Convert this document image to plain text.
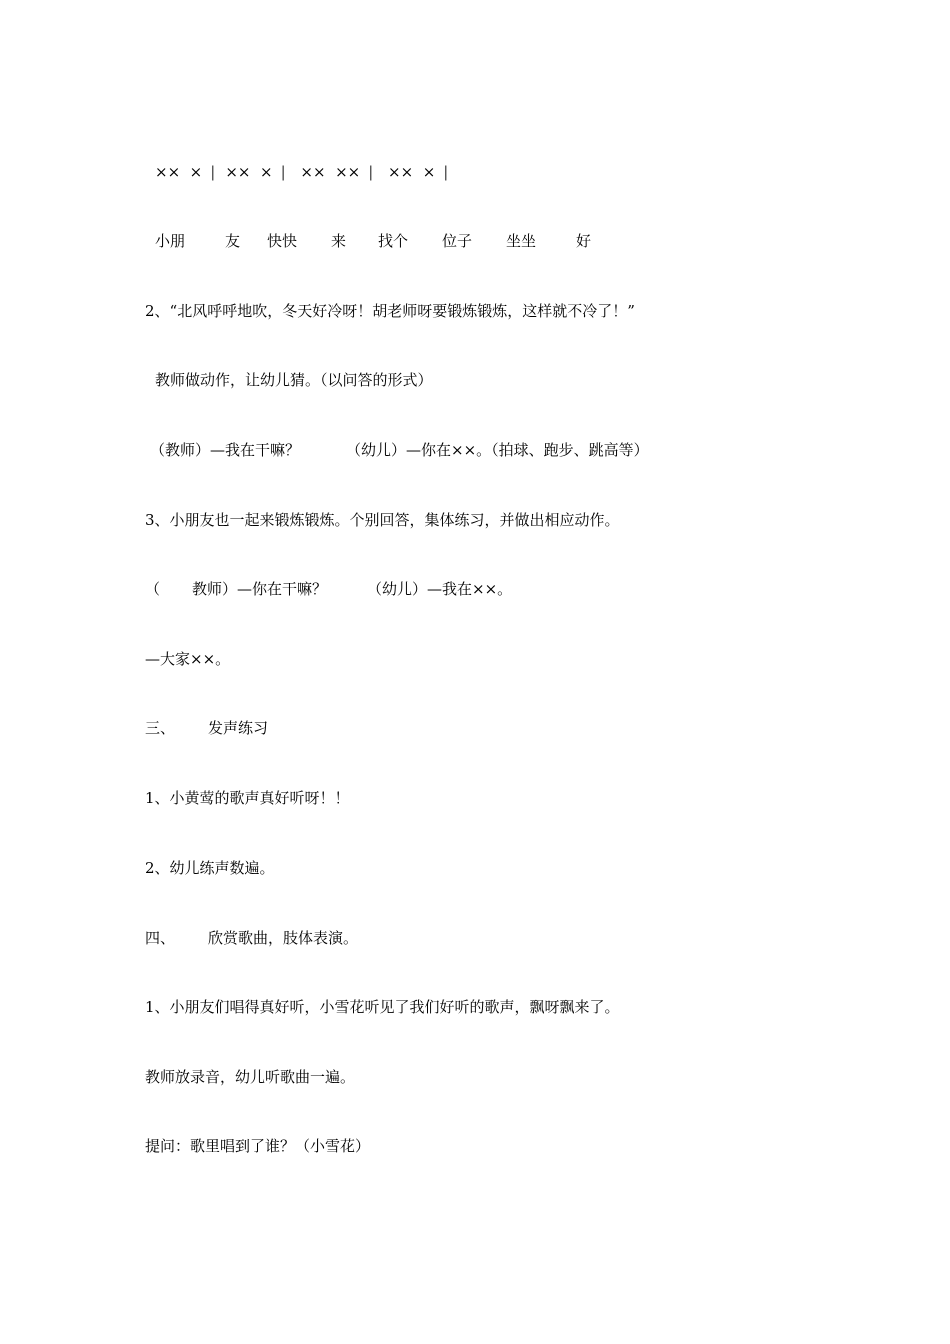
××  × | ××  × | ××  ×× | ××  × |
小朋	友	快快	来	找个	位子	坐坐	好
2、“北风呼呼地吹，冬天好冷呀！胡老师呀要锻炼锻炼，这样就不冷了！”
教师做动作，让幼儿猜。（以问答的形式）
（教师）—我在干嘛？	（幼儿）—你在××。（拍球、跑步、跳高等）
3、小朋友也一起来锻炼锻炼。个别回答，集体练习，并做出相应动作。
（ 教师）—你在干嘛？	（幼儿）—我在××。
—大家××。
三、 发声练习
1、小黄莺的歌声真好听呀！！
2、幼儿练声数遍。
四、 欣赏歌曲，肢体表演。
1、小朋友们唱得真好听，小雪花听见了我们好听的歌声，飘呀飘来了。
教师放录音，幼儿听歌曲一遍。
提问：歌里唱到了谁？（小雪花）
